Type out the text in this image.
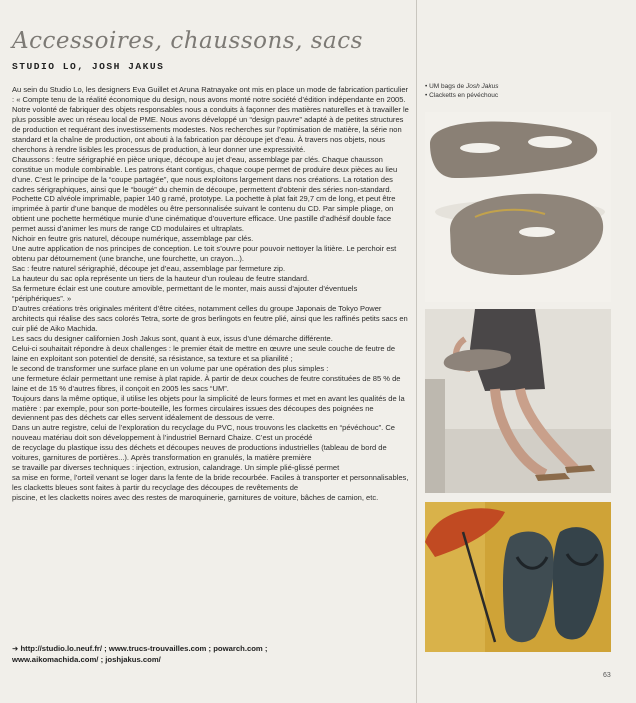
Accessoires, chaussons, sacs
STUDIO LO, JOSH JAKUS

Au sein du Studio Lo, les designers Eva Guillet et Aruna Ratnayake ont mis en place un mode de fabrication particulier : « Compte tenu de la réalité économique du design, nous avons monté notre société d’édition indépendante en 2005. Notre volonté de fabriquer des objets responsables nous a conduits à façonner des matières naturelles et à travailler le plus possible avec un réseau local de PME. Nous avons développé un “design pauvre” adapté à de petites structures de production et requérant des investissements modestes. Nos recherches sur l’optimisation de matière, la série non standard et la chaîne de production, ont abouti à la fabrication par découpe jet d’eau. À travers nos objets, nous cherchons à rendre lisibles les processus de production, à leur donner une expressivité.

Chaussons : feutre sérigraphié en pièce unique, découpe au jet d’eau, assemblage par clés. Chaque chausson constitue un module combinable. Les patrons étant contigus, chaque coupe permet de produire deux pièces au lieu d’une. C’est le principe de la “coupe partagée”, que nous exploitons largement dans nos créations. La rotation des cadres sérigraphiques, ainsi que le “bougé” du chemin de découpe, permettent d’obtenir des séries non-standard.

Pochette CD alvéole imprimable, papier 140 g ramé, prototype. La pochette à plat fait 29,7 cm de long, et peut être imprimée à partir d’une banque de modèles ou être personnalisée suivant le contenu du CD. Par simple pliage, on obtient une pochette hermétique munie d’une cinématique d’ouverture efficace. Une pastille d’adhésif double face permet aussi d’animer les murs de range CD modulaires et ultraplats.

Nichoir en feutre gris naturel, découpe numérique, assemblage par clés.

Une autre application de nos principes de conception. Le toit s’ouvre pour pouvoir nettoyer la litière. Le perchoir est obtenu par détournement (une branche, une fourchette, un crayon...).

Sac : feutre naturel sérigraphié, découpe jet d’eau, assemblage par fermeture zip.

La hauteur du sac opla représente un tiers de la hauteur d’un rouleau de feutre standard.

Sa fermeture éclair est une couture amovible, permettant de le monter, mais aussi d’ajouter d’éventuels “périphériques”. »

D’autres créations très originales méritent d’être citées, notamment celles du groupe Japonais de Tokyo Power architects qui réalise des sacs colorés Tetra, sorte de gros berlingots en feutre plié, ainsi que les raffinés petits sacs en cuir plié de Aiko Machida.

Les sacs du designer californien Josh Jakus sont, quant à eux, issus d’une démarche différente.

Celui-ci souhaitait répondre à deux challenges : le premier était de mettre en œuvre une seule couche de feutre de laine en exploitant son potentiel de densité, sa résistance, sa texture et sa plianilité ;

le second de transformer une surface plane en un volume par une opération des plus simples :

une fermeture éclair permettant une remise à plat rapide. À partir de deux couches de feutre constituées de 85 % de laine et de 15 % d’autres fibres, il conçoit en 2005 les sacs “UM”.

Toujours dans la même optique, il utilise les objets pour la simplicité de leurs formes et met en avant les qualités de la matière : par exemple, pour son porte-bouteille, les formes circulaires issues des découpes des poignées ne deviennent pas des déchets car elles servent idéalement de dessous de verre.

Dans un autre registre, celui de l’exploration du recyclage du PVC, nous trouvons les clacketts en “pévéchouc”. Ce nouveau matériau doit son développement à l’industriel Bernard Chaize. C’est un procédé

de recyclage du plastique issu des déchets et découpes neuves de productions industrielles (tableau de bord de voitures, garnitures de portières...). Après transformation en granulés, la matière première

se travaille par diverses techniques : injection, extrusion, calandrage. Un simple plié-glissé permet

sa mise en forme, l’orteil venant se loger dans la fente de la bride recourbée. Faciles à transporter et personnalisables, les clacketts bleues sont faites à partir du recyclage des découpes de revêtements de

piscine, et les clacketts noires avec des restes de maroquinerie, garnitures de voiture, bâches de camion, etc.

➜ http://studio.lo.neuf.fr/ ; www.trucs-trouvailles.com ; powarch.com ;
www.aikomachida.com/ ; joshjakus.com/
• UM bags de Josh Jakus
• Clacketts en pévéchouc
63
